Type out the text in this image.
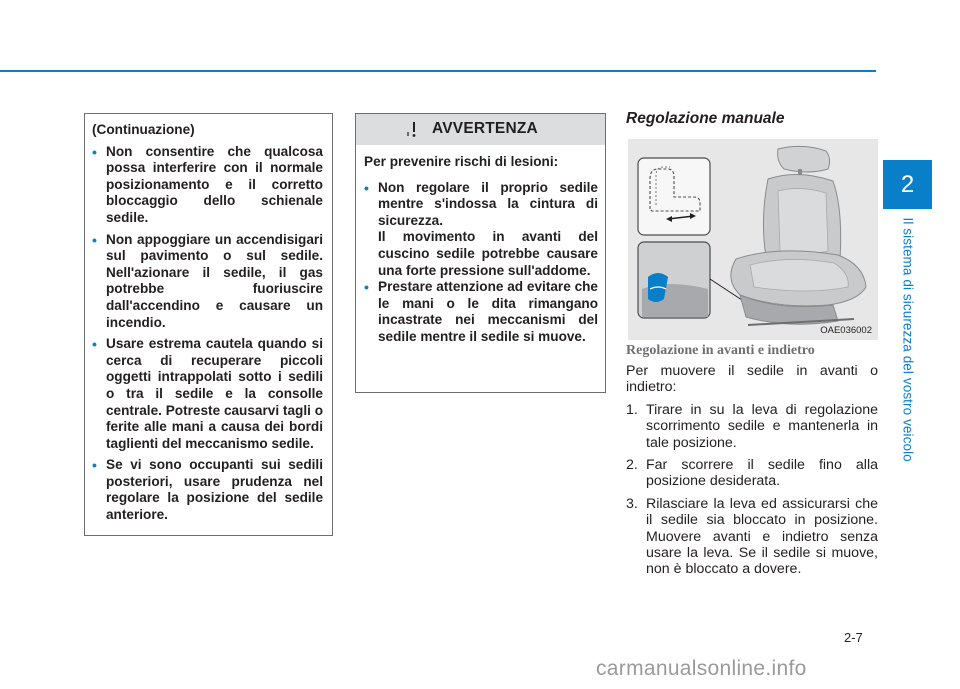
2
Il sistema di sicurezza del vostro veicolo
(Continuazione)
• Non consentire che qualcosa possa interferire con il normale posizionamento e il corretto bloccaggio dello schienale sedile.
• Non appoggiare un accendisigari sul pavimento o sul sedile. Nell'azionare il sedile, il gas potrebbe fuoriuscire dall'accendino e causare un incendio.
• Usare estrema cautela quando si cerca di recuperare piccoli oggetti intrappolati sotto i sedili o tra il sedile e la consolle centrale. Potreste causarvi tagli o ferite alle mani a causa dei bordi taglienti del meccanismo sedile.
• Se vi sono occupanti sui sedili posteriori, usare prudenza nel regolare la posizione del sedile anteriore.
AVVERTENZA
Per prevenire rischi di lesioni:
• Non regolare il proprio sedile mentre s'indossa la cintura di sicurezza.
Il movimento in avanti del cuscino sedile potrebbe causare una forte pressione sull'addome.
• Prestare attenzione ad evitare che le mani o le dita rimangano incastrate nei meccanismi del sedile mentre il sedile si muove.
Regolazione manuale
OAE036002
Regolazione in avanti e indietro

Per muovere il sedile in avanti o indietro:

1. Tirare in su la leva di regolazione scorrimento sedile e mantenerla in tale posizione.
2. Far scorrere il sedile fino alla posizione desiderata.
3. Rilasciare la leva ed assicurarsi che il sedile sia bloccato in posizione. Muovere avanti e indietro senza usare la leva. Se il sedile si muove, non è bloccato a dovere.
2-7
carmanualsonline.info
